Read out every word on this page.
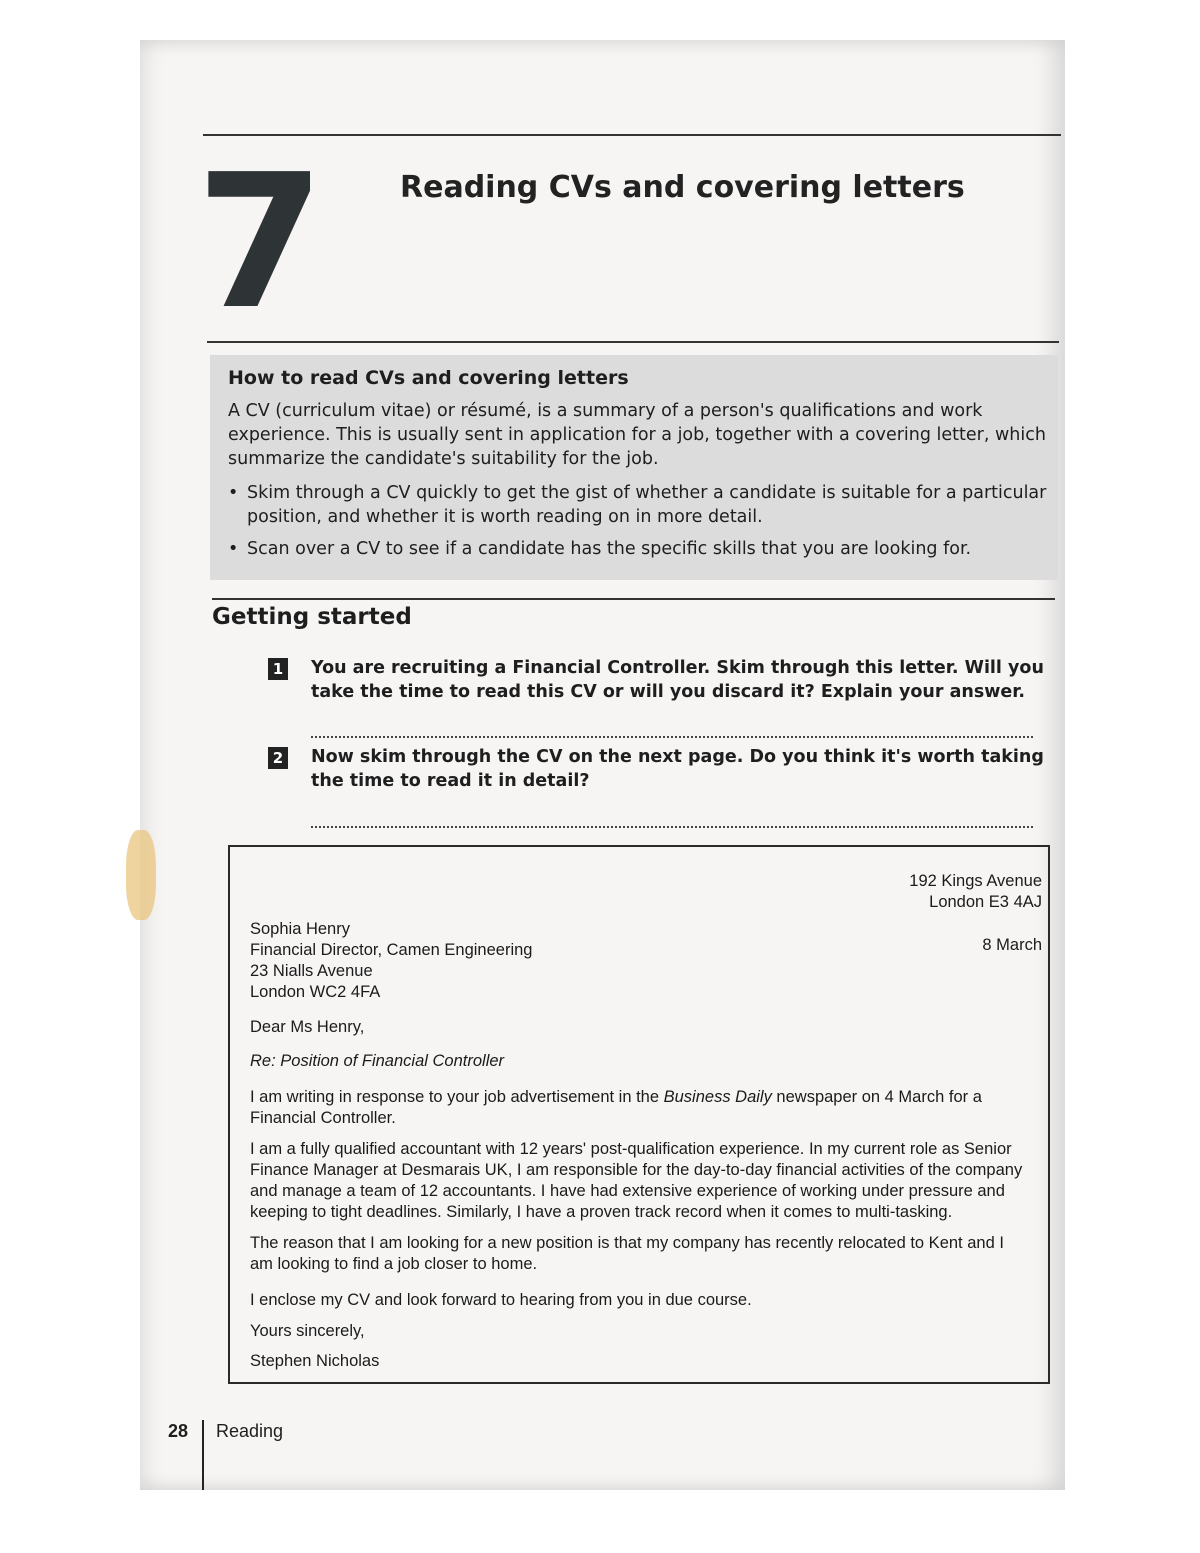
7	Reading CVs and covering letters
How to read CVs and covering letters

A CV (curriculum vitae) or résumé, is a summary of a person's qualifications and work experience. This is usually sent in application for a job, together with a covering letter, which summarize the candidate's suitability for the job.

• Skim through a CV quickly to get the gist of whether a candidate is suitable for a particular position, and whether it is worth reading on in more detail.
• Scan over a CV to see if a candidate has the specific skills that you are looking for.
Getting started
1 You are recruiting a Financial Controller. Skim through this letter. Will you take the time to read this CV or will you discard it? Explain your answer.
2 Now skim through the CV on the next page. Do you think it's worth taking the time to read it in detail?
192 Kings Avenue
London E3 4AJ
8 March
Sophia Henry
Financial Director, Camen Engineering
23 Nialls Avenue
London WC2 4FA
Dear Ms Henry,
Re: Position of Financial Controller
I am writing in response to your job advertisement in the Business Daily newspaper on 4 March for a Financial Controller.
I am a fully qualified accountant with 12 years' post-qualification experience. In my current role as Senior Finance Manager at Desmarais UK, I am responsible for the day-to-day financial activities of the company and manage a team of 12 accountants. I have had extensive experience of working under pressure and keeping to tight deadlines. Similarly, I have a proven track record when it comes to multi-tasking.
The reason that I am looking for a new position is that my company has recently relocated to Kent and I am looking to find a job closer to home.
I enclose my CV and look forward to hearing from you in due course.
Yours sincerely,
Stephen Nicholas
28 Reading
